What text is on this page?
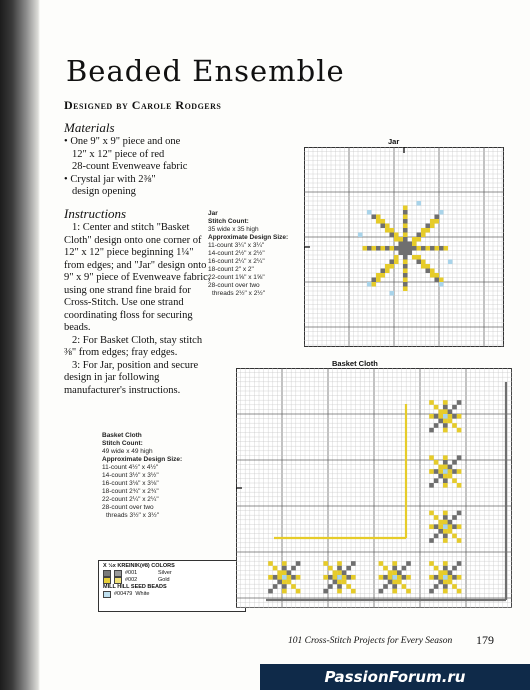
Beaded Ensemble
Designed by Carole Rodgers
Materials
• One 9" x 9" piece and one
12" x 12" piece of red
28-count Evenweave fabric
• Crystal jar with 2⅜"
design opening
Instructions

1: Center and stitch "Basket Cloth" design onto one corner of 12" x 12" piece beginning 1¼" from edges; and "Jar" design onto 9" x 9" piece of Evenweave fabric, using one strand fine braid for Cross-Stitch. Use one strand coordinating floss for securing beads.

2: For Basket Cloth, stay stitch ⅜" from edges; fray edges.

3: For Jar, position and secure design in jar following manufacturer's instructions.

Jar
Stitch Count:
35 wide x 35 high
Approximate Design Size:
11-count 3¼" x 3¼"
14-count 2½" x 2½"
16-count 2¼" x 2¼"
18-count 2" x 2"
22-count 1⅝" x 1⅝"
28-count over two
threads 2½" x 2½"
Basket Cloth
Stitch Count:
49 wide x 49 high
Approximate Design Size:
11-count 4½" x 4½"
14-count 3½" x 3½"
16-count 3⅛" x 3⅛"
18-count 2¾" x 2¾"
22-count 2¼" x 2¼"
28-count over two
threads 3½" x 3½"
X ½x KREINIK(#8) COLORS
#001	Silver
#002	Gold
MILL HILL SEED BEADS
#00479 White
Jar
Basket Cloth
101 Cross-Stitch Projects for Every Season 179
PassionForum.ru
